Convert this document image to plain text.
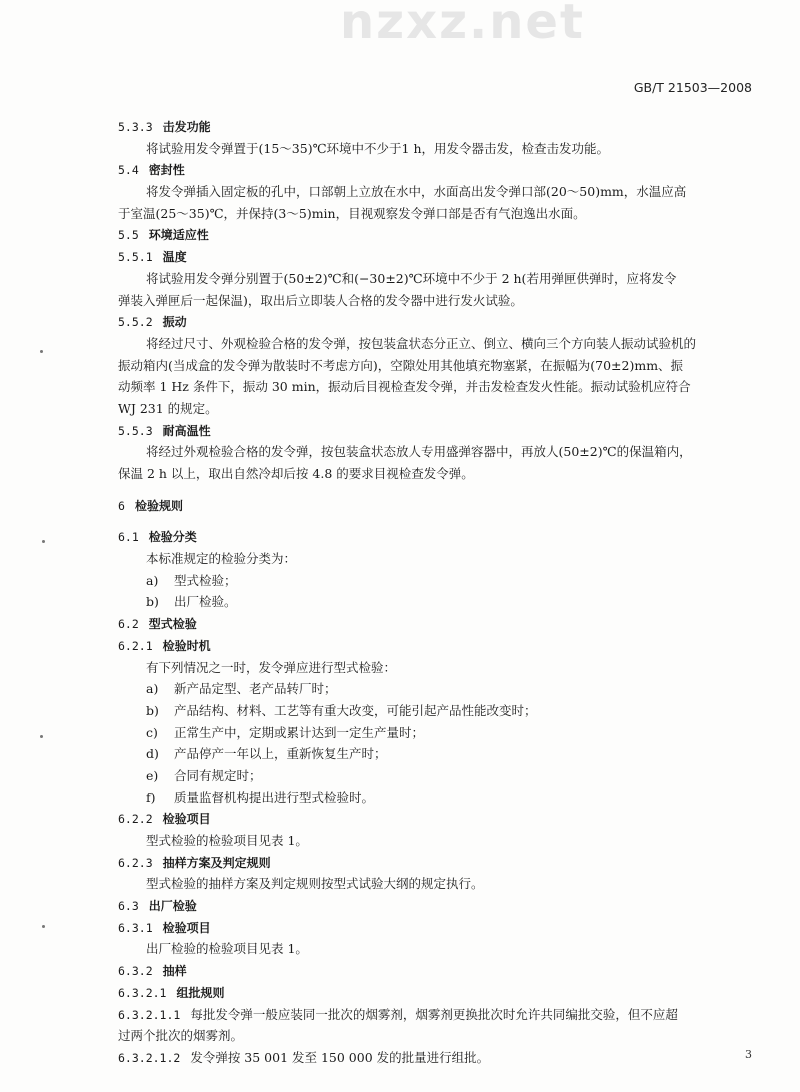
nzxz.net
GB/T 21503—2008
5.3.3 击发功能
将试验用发令弹置于(15～35)℃环境中不少于1 h，用发令器击发，检查击发功能。
5.4 密封性
将发令弹插入固定板的孔中，口部朝上立放在水中，水面高出发令弹口部(20～50)mm，水温应高
于室温(25～35)℃，并保持(3～5)min，目视观察发令弹口部是否有气泡逸出水面。
5.5 环境适应性
5.5.1 温度
将试验用发令弹分别置于(50±2)℃和(−30±2)℃环境中不少于 2 h(若用弹匣供弹时，应将发令
弹装入弹匣后一起保温)，取出后立即装人合格的发令器中进行发火试验。
5.5.2 振动
将经过尺寸、外观检验合格的发令弹，按包装盒状态分正立、倒立、横向三个方向装人振动试验机的
振动箱内(当成盒的发令弹为散装时不考虑方向)，空隙处用其他填充物塞紧，在振幅为(70±2)mm、振
动频率 1 Hz 条件下，振动 30 min，振动后目视检查发令弹，并击发检查发火性能。振动试验机应符合
WJ 231 的规定。
5.5.3 耐高温性
将经过外观检验合格的发令弹，按包装盒状态放人专用盛弹容器中，再放人(50±2)℃的保温箱内，
保温 2 h 以上，取出自然冷却后按 4.8 的要求目视检查发令弹。
6 检验规则
6.1 检验分类
本标准规定的检验分类为：
a) 型式检验；
b) 出厂检验。
6.2 型式检验
6.2.1 检验时机
有下列情况之一时，发令弹应进行型式检验：
a) 新产品定型、老产品转厂时；
b) 产品结构、材料、工艺等有重大改变，可能引起产品性能改变时；
c) 正常生产中，定期或累计达到一定生产量时；
d) 产品停产一年以上，重新恢复生产时；
e) 合同有规定时；
f) 质量监督机构提出进行型式检验时。
6.2.2 检验项目
型式检验的检验项目见表 1。
6.2.3 抽样方案及判定规则
型式检验的抽样方案及判定规则按型式试验大纲的规定执行。
6.3 出厂检验
6.3.1 检验项目
出厂检验的检验项目见表 1。
6.3.2 抽样
6.3.2.1 组批规则
6.3.2.1.1 每批发令弹一般应装同一批次的烟雾剂，烟雾剂更换批次时允许共同编批交验，但不应超
过两个批次的烟雾剂。
6.3.2.1.2 发令弹按 35 001 发至 150 000 发的批量进行组批。	3
